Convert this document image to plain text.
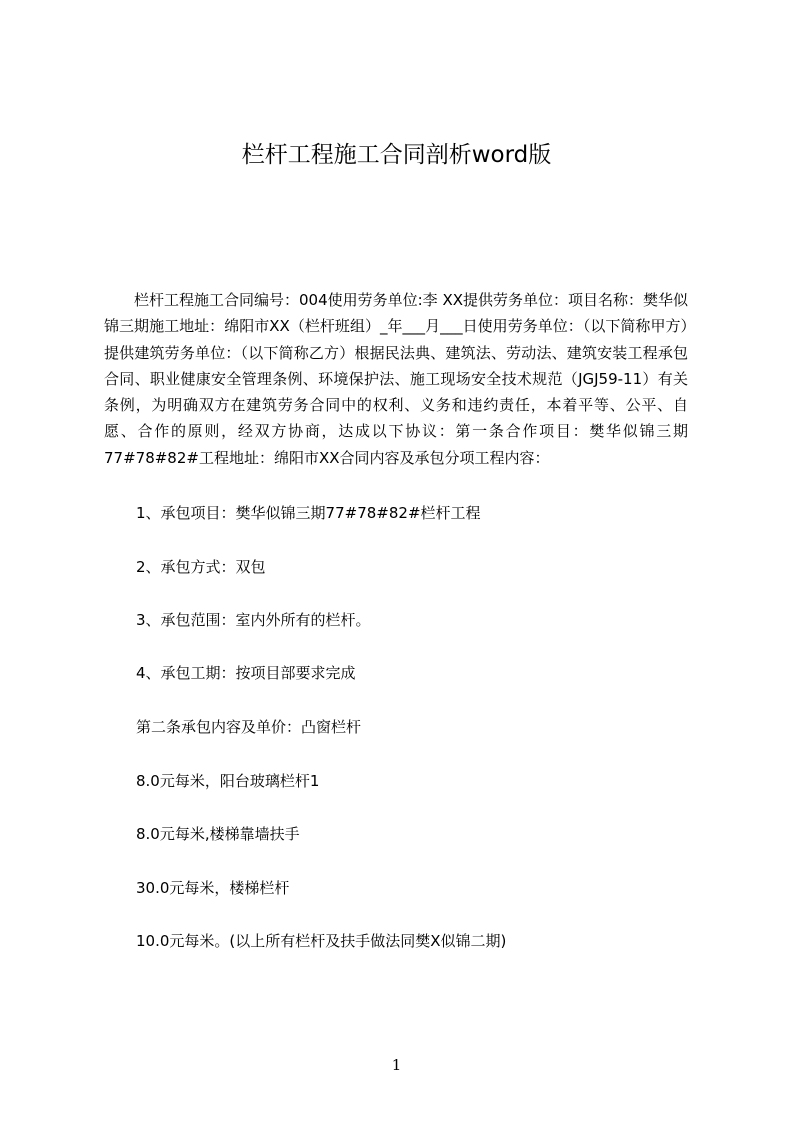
栏杆工程施工合同剖析word版

栏杆工程施工合同编号：004使用劳务单位:李 XX提供劳务单位：项目名称：樊华似锦三期施工地址：绵阳市XX（栏杆班组）_年___月___日使用劳务单位：（以下简称甲方）提供建筑劳务单位：（以下简称乙方）根据民法典、建筑法、劳动法、建筑安装工程承包合同、职业健康安全管理条例、环境保护法、施工现场安全技术规范（JGJ59-11）有关条例，为明确双方在建筑劳务合同中的权利、义务和违约责任，本着平等、公平、自愿、合作的原则，经双方协商，达成以下协议：第一条合作项目：樊华似锦三期77#78#82#工程地址：绵阳市XX合同内容及承包分项工程内容：

1、承包项目：樊华似锦三期77#78#82#栏杆工程

2、承包方式：双包

3、承包范围：室内外所有的栏杆。

4、承包工期：按项目部要求完成

第二条承包内容及单价：凸窗栏杆

8.0元每米，阳台玻璃栏杆1

8.0元每米,楼梯靠墙扶手

30.0元每米，楼梯栏杆

10.0元每米。(以上所有栏杆及扶手做法同樊X似锦二期)

1
